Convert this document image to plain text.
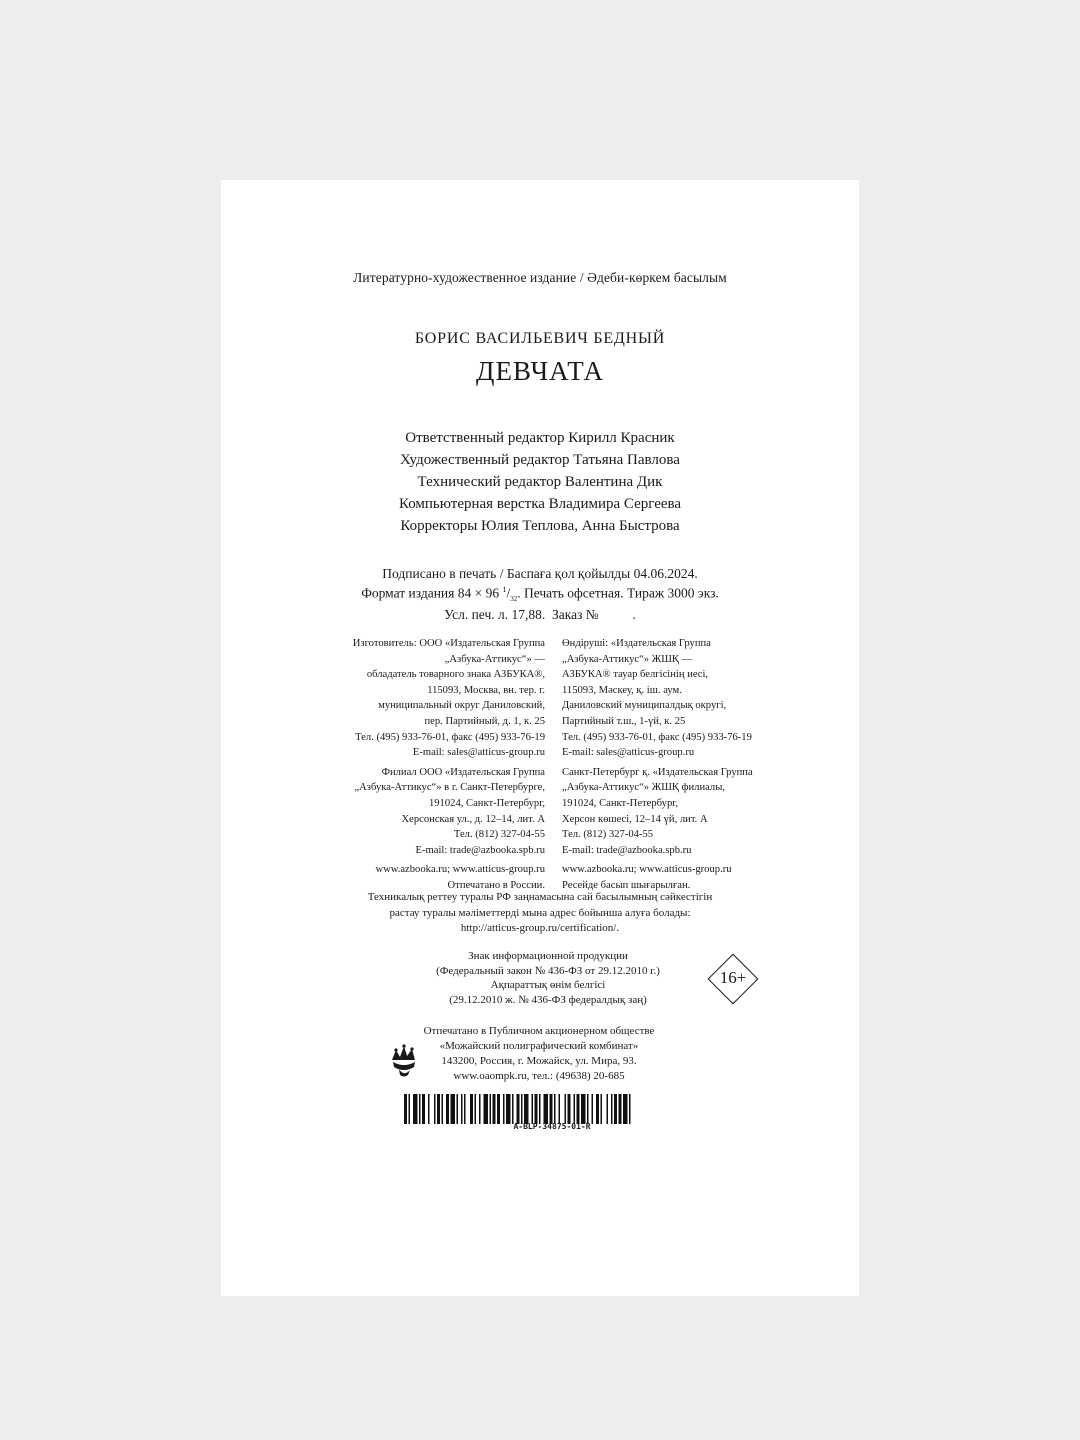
Литературно-художественное издание / Әдеби-көркем басылым
БОРИС ВАСИЛЬЕВИЧ БЕДНЫЙ
ДЕВЧАТА
Ответственный редактор Кирилл Красник
Художественный редактор Татьяна Павлова
Технический редактор Валентина Дик
Компьютерная верстка Владимира Сергеева
Корректоры Юлия Теплова, Анна Быстрова
Подписано в печать / Баспаға қол қойылды 04.06.2024.
Формат издания 84 × 96 $^1/_{32}$. Печать офсетная. Тираж 3000 экз.
Усл. печ. л. 17,88.  Заказ №          .
Изготовитель: ООО «Издательская Группа
„Азбука-Аттикус“» —
обладатель товарного знака АЗБУКА®,
115093, Москва, вн. тер. г.
муниципальный округ Даниловский,
пер. Партийный, д. 1, к. 25
Тел. (495) 933-76-01, факс (495) 933-76-19
E-mail: sales@atticus-group.ru
Филиал ООО «Издательская Группа
„Азбука-Аттикус“» в г. Санкт-Петербурге,
191024, Санкт-Петербург,
Херсонская ул., д. 12–14, лит. А
Тел. (812) 327-04-55
E-mail: trade@azbooka.spb.ru
www.azbooka.ru; www.atticus-group.ru
Отпечатано в России.
Өндіруші: «Издательская Группа
„Азбука-Аттикус“» ЖШҚ —
АЗБУКА® тауар белгісінің иесі,
115093, Мәскеу, қ. іш. аум.
Даниловский муниципалдық округі,
Партийный т.ш., 1-үй, к. 25
Тел. (495) 933-76-01, факс (495) 933-76-19
E-mail: sales@atticus-group.ru
Санкт-Петербург қ. «Издательская Группа
„Азбука-Аттикус“» ЖШҚ филиалы,
191024, Санкт-Петербург,
Херсон көшесі, 12–14 үй, лит. А
Тел. (812) 327-04-55
E-mail: trade@azbooka.spb.ru
www.azbooka.ru; www.atticus-group.ru
Ресейде басып шығарылған.
Техникалық реттеу туралы РФ заңнамасына сай басылымның сәйкестігін
растау туралы мәліметтерді мына адрес бойынша алуға болады:
http://atticus-group.ru/certification/.
Знак информационной продукции
(Федеральный закон № 436-ФЗ от 29.12.2010 г.)
Ақпараттық өнім белгісі
(29.12.2010 ж. № 436-ФЗ федералдық заң)
16+
Отпечатано в Публичном акционерном обществе
«Можайский полиграфический комбинат»
143200, Россия, г. Можайск, ул. Мира, 93.
www.oaompk.ru, тел.: (49638) 20-685
A-BLP-34875-01-R
